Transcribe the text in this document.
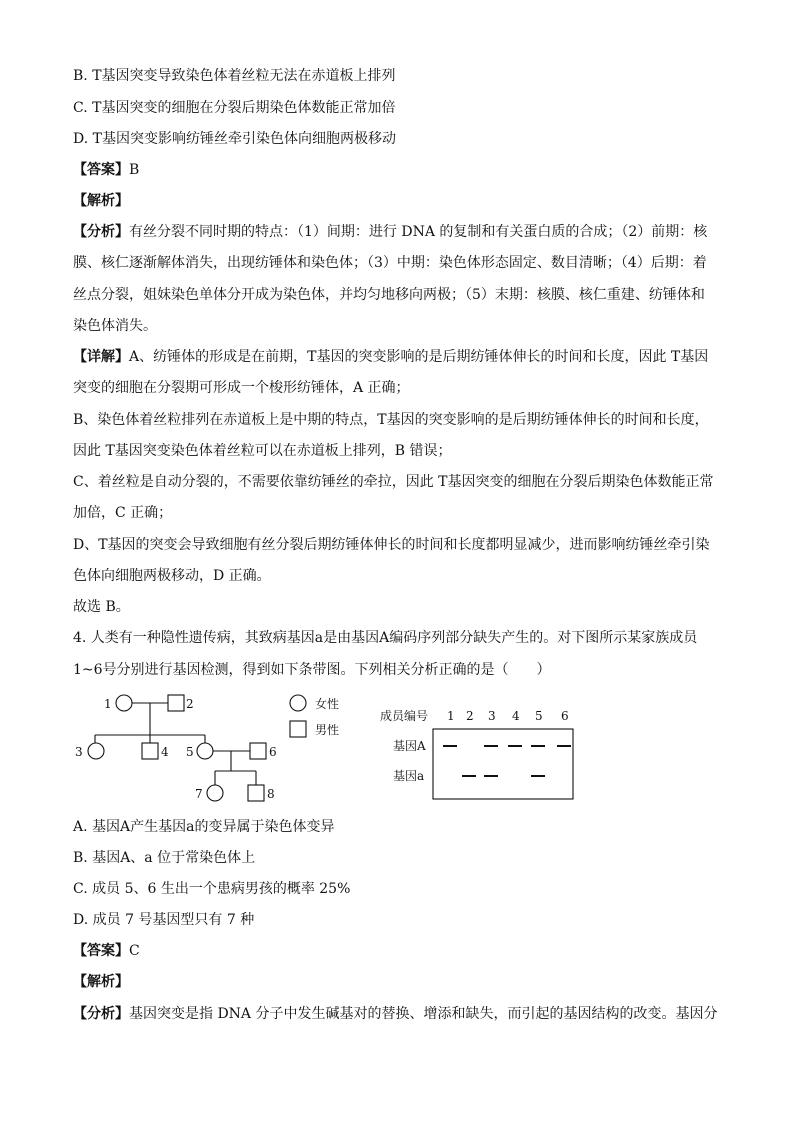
B. T基因突变导致染色体着丝粒无法在赤道板上排列
C. T基因突变的细胞在分裂后期染色体数能正常加倍
D. T基因突变影响纺锤丝牵引染色体向细胞两极移动
【答案】B
【解析】
【分析】有丝分裂不同时期的特点：（1）间期：进行 DNA 的复制和有关蛋白质的合成；（2）前期：核
膜、核仁逐渐解体消失，出现纺锤体和染色体；（3）中期：染色体形态固定、数目清晰；（4）后期：着
丝点分裂，姐妹染色单体分开成为染色体，并均匀地移向两极；（5）末期：核膜、核仁重建、纺锤体和
染色体消失。
【详解】A、纺锤体的形成是在前期，T基因的突变影响的是后期纺锤体伸长的时间和长度，因此 T基因
突变的细胞在分裂期可形成一个梭形纺锤体，A 正确；
B、染色体着丝粒排列在赤道板上是中期的特点，T基因的突变影响的是后期纺锤体伸长的时间和长度，
因此 T基因突变染色体着丝粒可以在赤道板上排列，B 错误；
C、着丝粒是自动分裂的，不需要依靠纺锤丝的牵拉，因此 T基因突变的细胞在分裂后期染色体数能正常
加倍，C 正确；
D、T基因的突变会导致细胞有丝分裂后期纺锤体伸长的时间和长度都明显减少，进而影响纺锤丝牵引染
色体向细胞两极移动，D 正确。
故选 B。
4. 人类有一种隐性遗传病，其致病基因a是由基因A编码序列部分缺失产生的。对下图所示某家族成员
1~6号分别进行基因检测，得到如下条带图。下列相关分析正确的是（　　）
1	2
3	4 5	6
7	8
女性
男性
成员编号
基因A
基因a
1 2 3 4 5 6
A. 基因A产生基因a的变异属于染色体变异
B. 基因A、a 位于常染色体上
C. 成员 5、6 生出一个患病男孩的概率 25%
D. 成员 7 号基因型只有 7 种
【答案】C
【解析】
【分析】基因突变是指 DNA 分子中发生碱基对的替换、增添和缺失，而引起的基因结构的改变。基因分
